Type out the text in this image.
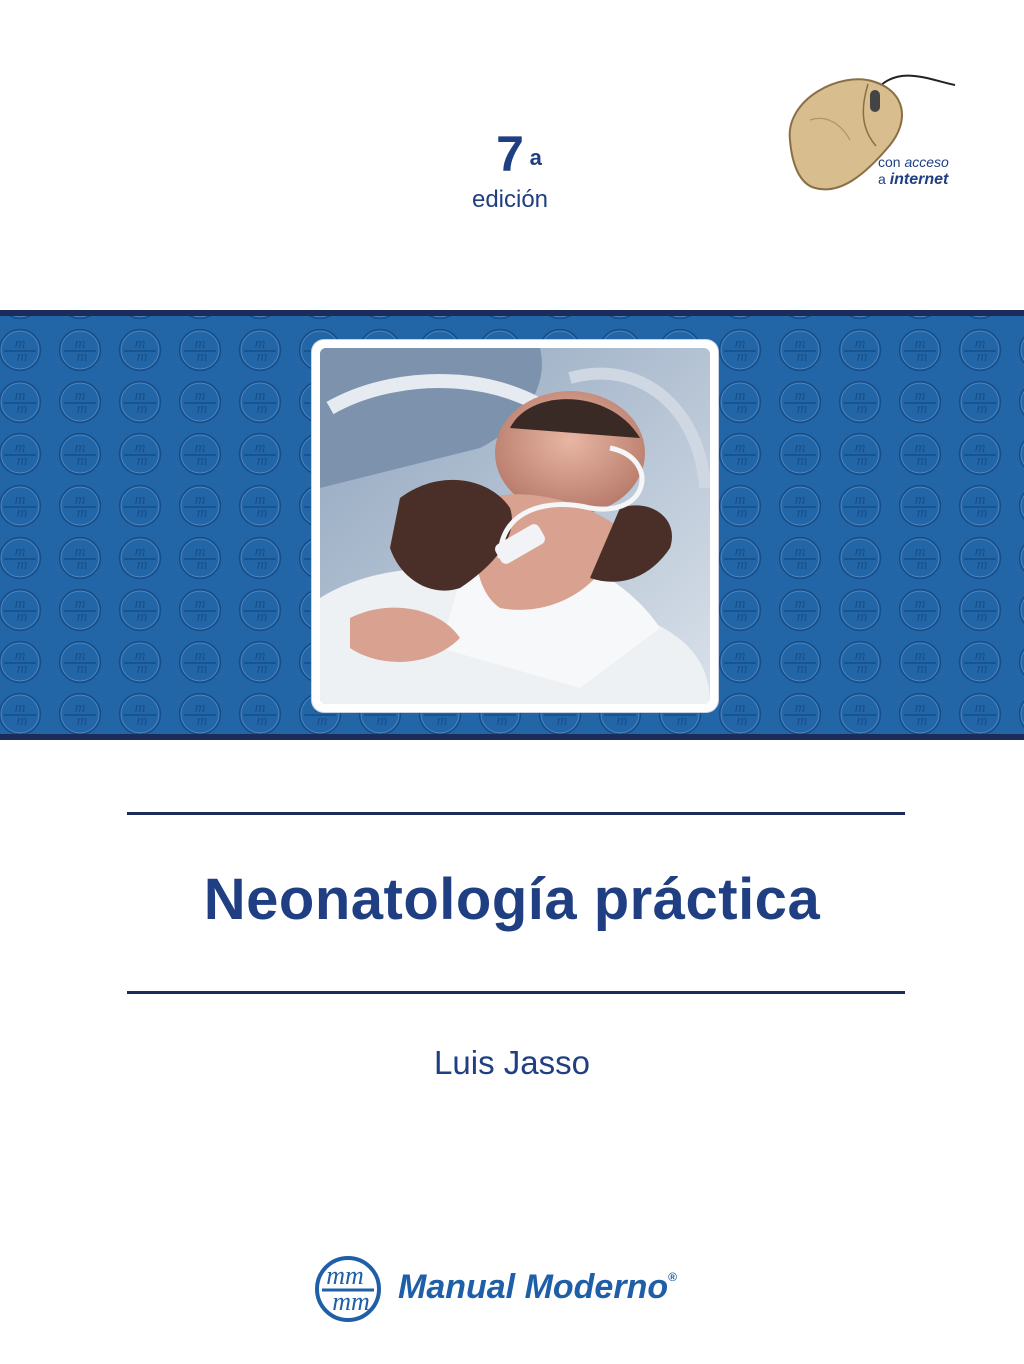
7 a
edición
con acceso
a internet
Neonatología práctica
Luis Jasso
mm
mm Manual Moderno®
